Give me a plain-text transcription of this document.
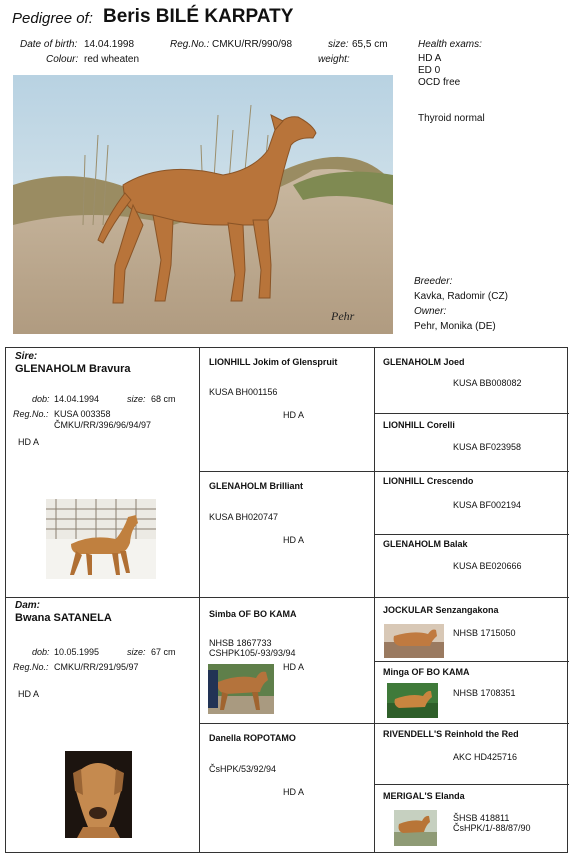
Pedigree of: Beris BILÉ KARPATY
Date of birth: 14.04.1998
Colour: red wheaten
Reg.No.: CMKU/RR/990/98	size: 65,5 cm
weight:
Health exams:
HD A
ED 0
OCD free
Thyroid normal
Breeder:
Kavka, Radomir (CZ)
Owner:
Pehr, Monika (DE)
Pehr
Sire:
GLENAHOLM Bravura
dob: 14.04.1994	size: 68 cm
Reg.No.: KUSA 003358
ČMKU/RR/396/96/94/97
HD A
Dam:
Bwana SATANELA
dob: 10.05.1995	size: 67 cm
Reg.No.: CMKU/RR/291/95/97
HD A
LIONHILL Jokim of Glenspruit
KUSA BH001156
HD A
GLENAHOLM Brilliant
KUSA BH020747
HD A
Simba OF BO KAMA
NHSB 1867733
CSHPK105/-93/93/94
HD A
Danella ROPOTAMO
ČsHPK/53/92/94
HD A
GLENAHOLM Joed
KUSA BB008082
LIONHILL Corelli
KUSA BF023958
LIONHILL Crescendo
KUSA BF002194
GLENAHOLM Balak
KUSA BE020666
JOCKULAR Senzangakona
NHSB 1715050
Minga OF BO KAMA
NHSB 1708351
RIVENDELL'S Reinhold the Red
AKC HD425716
MERIGAL'S Elanda
ŠHSB 418811
ČsHPK/1/-88/87/90
